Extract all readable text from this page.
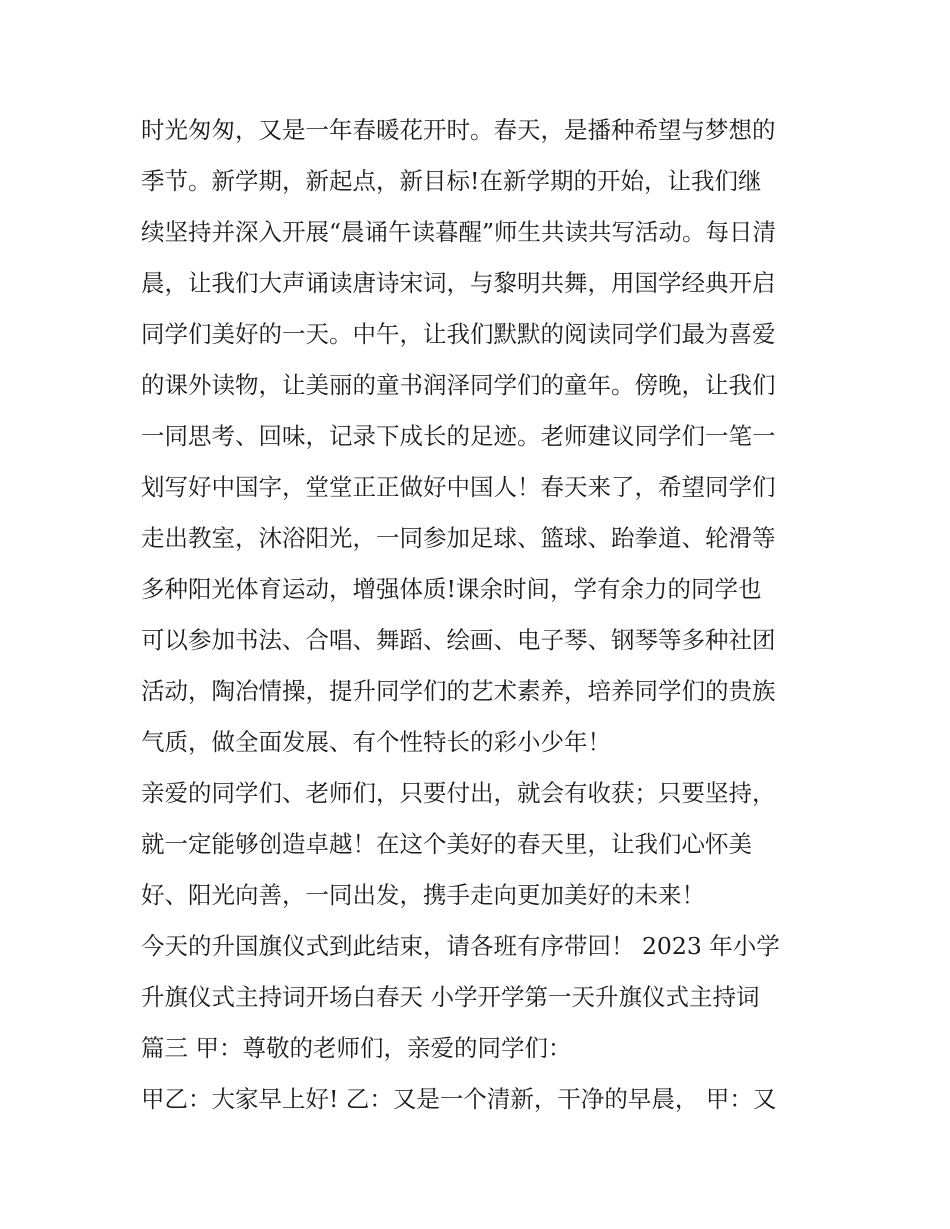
时光匆匆，又是一年春暖花开时。春天，是播种希望与梦想的
季节。新学期，新起点，新目标!在新学期的开始，让我们继
续坚持并深入开展“晨诵午读暮醒”师生共读共写活动。每日清
晨，让我们大声诵读唐诗宋词，与黎明共舞，用国学经典开启
同学们美好的一天。中午，让我们默默的阅读同学们最为喜爱
的课外读物，让美丽的童书润泽同学们的童年。傍晚，让我们
一同思考、回味，记录下成长的足迹。老师建议同学们一笔一
划写好中国字，堂堂正正做好中国人！春天来了，希望同学们
走出教室，沐浴阳光，一同参加足球、篮球、跆拳道、轮滑等
多种阳光体育运动，增强体质!课余时间，学有余力的同学也
可以参加书法、合唱、舞蹈、绘画、电子琴、钢琴等多种社团
活动，陶冶情操，提升同学们的艺术素养，培养同学们的贵族
气质，做全面发展、有个性特长的彩小少年！
亲爱的同学们、老师们，只要付出，就会有收获；只要坚持，
就一定能够创造卓越！在这个美好的春天里，让我们心怀美
好、阳光向善，一同出发，携手走向更加美好的未来！
今天的升国旗仪式到此结束，请各班有序带回！ 2023 年小学
升旗仪式主持词开场白春天 小学开学第一天升旗仪式主持词
篇三 甲：尊敬的老师们，亲爱的同学们：
甲乙：大家早上好! 乙：又是一个清新，干净的早晨， 甲：又
